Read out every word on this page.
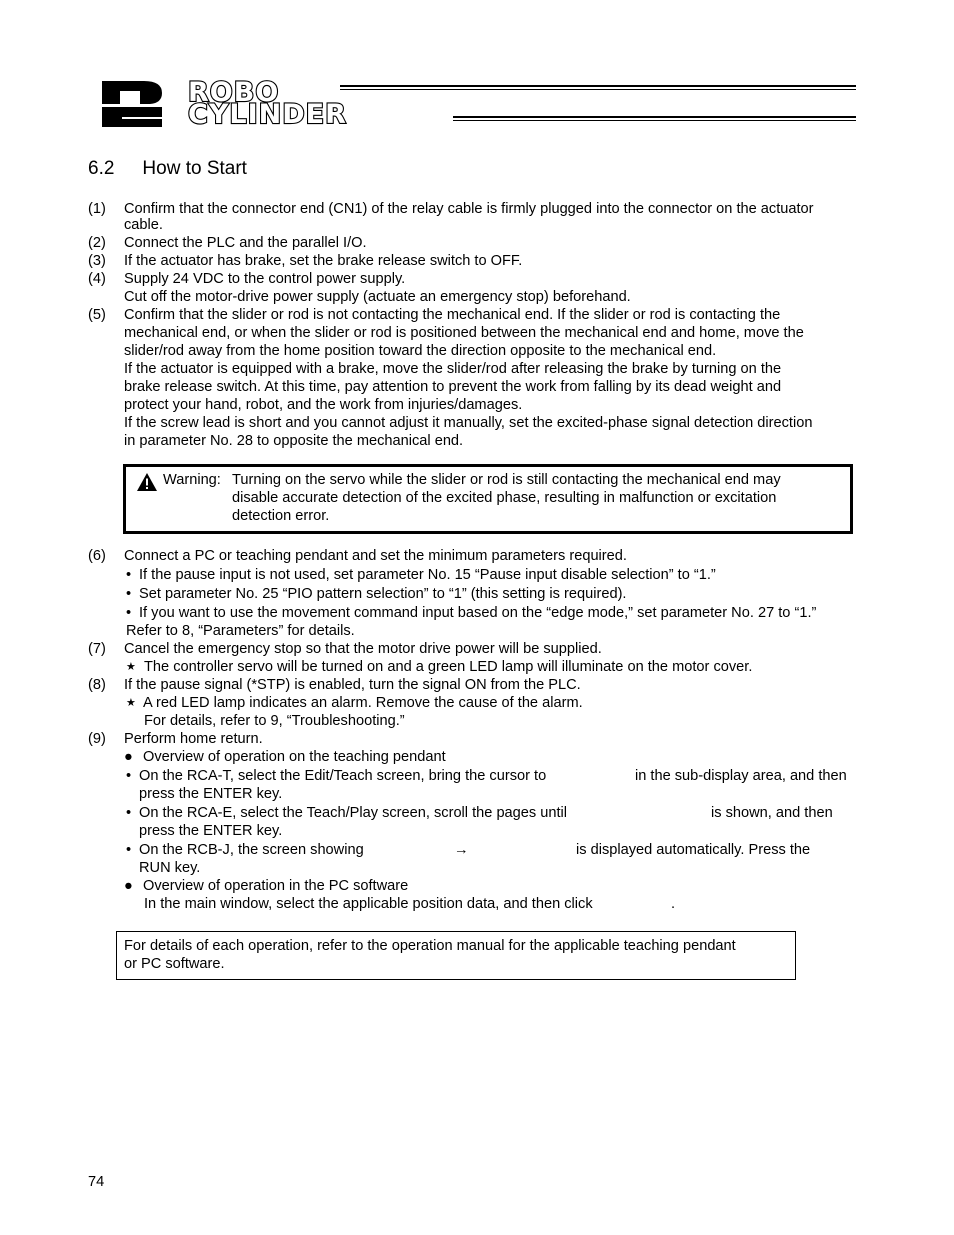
ROBO
CYLINDER
6.2 How to Start
(1) Confirm that the connector end (CN1) of the relay cable is firmly plugged into the connector on the actuator
cable.
(2) Connect the PLC and the parallel I/O.
(3) If the actuator has brake, set the brake release switch to OFF.
(4) Supply 24 VDC to the control power supply.
Cut off the motor-drive power supply (actuate an emergency stop) beforehand.
(5) Confirm that the slider or rod is not contacting the mechanical end. If the slider or rod is contacting the
mechanical end, or when the slider or rod is positioned between the mechanical end and home, move the
slider/rod away from the home position toward the direction opposite to the mechanical end.
If the actuator is equipped with a brake, move the slider/rod after releasing the brake by turning on the
brake release switch. At this time, pay attention to prevent the work from falling by its dead weight and
protect your hand, robot, and the work from injuries/damages.
If the screw lead is short and you cannot adjust it manually, set the excited-phase signal detection direction
in parameter No. 28 to opposite the mechanical end.
Warning: Turning on the servo while the slider or rod is still contacting the mechanical end may
disable accurate detection of the excited phase, resulting in malfunction or excitation
detection error.
(6) Connect a PC or teaching pendant and set the minimum parameters required.
• If the pause input is not used, set parameter No. 15 “Pause input disable selection” to “1.”
• Set parameter No. 25 “PIO pattern selection” to “1” (this setting is required).
• If you want to use the movement command input based on the “edge mode,” set parameter No. 27 to “1.”
Refer to 8, “Parameters” for details.
(7) Cancel the emergency stop so that the motor drive power will be supplied.
★ The controller servo will be turned on and a green LED lamp will illuminate on the motor cover.
(8) If the pause signal (*STP) is enabled, turn the signal ON from the PLC.
★ A red LED lamp indicates an alarm. Remove the cause of the alarm.
For details, refer to 9, “Troubleshooting.”
(9) Perform home return.
● Overview of operation on the teaching pendant
• On the RCA-T, select the Edit/Teach screen, bring the cursor to	in the sub-display area, and then
press the ENTER key.
• On the RCA-E, select the Teach/Play screen, scroll the pages until	is shown, and then
press the ENTER key.
• On the RCB-J, the screen showing	→	is displayed automatically. Press the
RUN key.
● Overview of operation in the PC software
In the main window, select the applicable position data, and then click	.
For details of each operation, refer to the operation manual for the applicable teaching pendant
or PC software.
74
